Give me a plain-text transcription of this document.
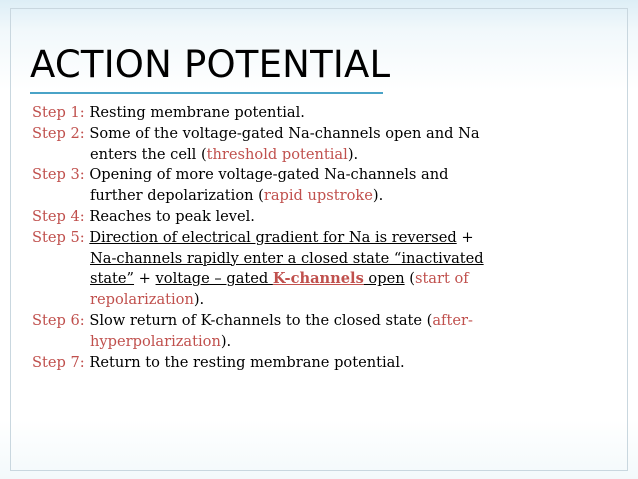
ACTION POTENTIAL
Step 1: Resting membrane potential.
Step 2: Some of the voltage-gated Na-channels open and Na
enters the cell (threshold potential).
Step 3: Opening of more voltage-gated Na-channels and
further depolarization (rapid upstroke).
Step 4: Reaches to peak level.
Step 5: Direction of electrical gradient for Na is reversed +
Na-channels rapidly enter a closed state “inactivated
state” + voltage – gated K-channels open (start of
repolarization).
Step 6: Slow return of K-channels to the closed state (after-
hyperpolarization).
Step 7: Return to the resting membrane potential.
